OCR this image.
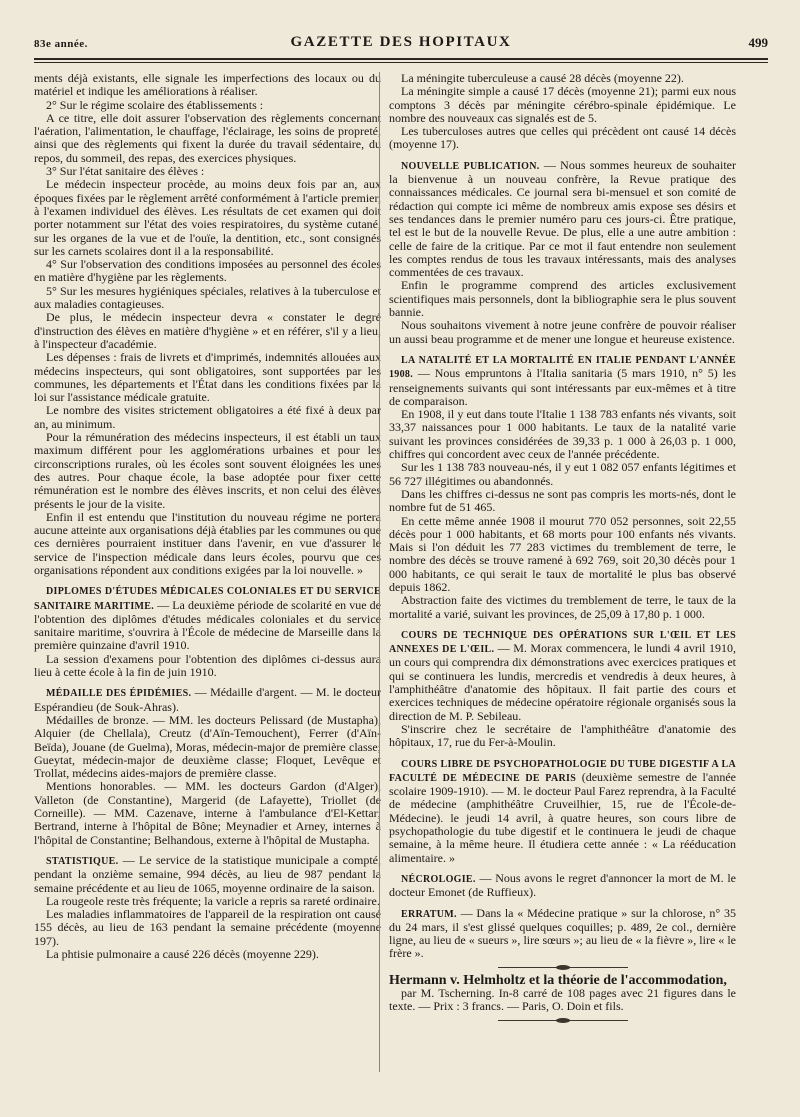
83e année.	GAZETTE DES HOPITAUX	499

ments déjà existants, elle signale les imperfections des locaux ou du matériel et indique les améliorations à réaliser.

2° Sur le régime scolaire des établissements :

A ce titre, elle doit assurer l'observation des règlements concernant l'aération, l'alimentation, le chauffage, l'éclairage, les soins de propreté, ainsi que des règlements qui fixent la durée du travail sédentaire, du repos, du sommeil, des repas, des exercices physiques.

3° Sur l'état sanitaire des élèves :

Le médecin inspecteur procède, au moins deux fois par an, aux époques fixées par le règlement arrêté conformément à l'article premier, à l'examen individuel des élèves. Les résultats de cet examen qui doit porter notamment sur l'état des voies respiratoires, du système cutané, sur les organes de la vue et de l'ouïe, la dentition, etc., sont consignés sur les carnets scolaires dont il a la responsabilité.

4° Sur l'observation des conditions imposées au personnel des écoles en matière d'hygiène par les règlements.

5° Sur les mesures hygiéniques spéciales, relatives à la tuberculose et aux maladies contagieuses.

De plus, le médecin inspecteur devra « constater le degré d'instruction des élèves en matière d'hygiène » et en référer, s'il y a lieu, à l'inspecteur d'académie.

Les dépenses : frais de livrets et d'imprimés, indemnités allouées aux médecins inspecteurs, qui sont obligatoires, sont supportées par les communes, les départements et l'État dans les conditions fixées par la loi sur l'assistance médicale gratuite.

Le nombre des visites strictement obligatoires a été fixé à deux par an, au minimum.

Pour la rémunération des médecins inspecteurs, il est établi un taux maximum différent pour les agglomérations urbaines et pour les circonscriptions rurales, où les écoles sont souvent éloignées les unes des autres. Pour chaque école, la base adoptée pour fixer cette rémunération est le nombre des élèves inscrits, et non celui des élèves présents le jour de la visite.

Enfin il est entendu que l'institution du nouveau régime ne portera aucune atteinte aux organisations déjà établies par les communes ou que ces dernières pourraient instituer dans l'avenir, en vue d'assurer le service de l'inspection médicale dans leurs écoles, pourvu que ces organisations répondent aux conditions exigées par la loi nouvelle. »

DIPLOMES D'ÉTUDES MÉDICALES COLONIALES ET DU SERVICE SANITAIRE MARITIME. — La deuxième période de scolarité en vue de l'obtention des diplômes d'études médicales coloniales et du service sanitaire maritime, s'ouvrira à l'École de médecine de Marseille dans la première quinzaine d'avril 1910.

La session d'examens pour l'obtention des diplômes ci-dessus aura lieu à cette école à la fin de juin 1910.

MÉDAILLE DES ÉPIDÉMIES. — Médaille d'argent. — M. le docteur Espérandieu (de Souk-Ahras).

Médailles de bronze. — MM. les docteurs Pelissard (de Mustapha), Alquier (de Chellala), Creutz (d'Aïn-Temouchent), Ferrer (d'Aïn-Beïda), Jouane (de Guelma), Moras, médecin-major de première classe; Gueytat, médecin-major de deuxième classe; Floquet, Levêque et Trollat, médecins aides-majors de première classe.

Mentions honorables. — MM. les docteurs Gardon (d'Alger), Valleton (de Constantine), Margerid (de Lafayette), Triollet (de Corneille). — MM. Cazenave, interne à l'ambulance d'El-Kettar; Bertrand, interne à l'hôpital de Bône; Meynadier et Arney, internes à l'hôpital de Constantine; Belhandous, externe à l'hôpital de Mustapha.

STATISTIQUE. — Le service de la statistique municipale a compté, pendant la onzième semaine, 994 décès, au lieu de 987 pendant la semaine précédente et au lieu de 1065, moyenne ordinaire de la saison.

La rougeole reste très fréquente; la varicle a repris sa rareté ordinaire.

Les maladies inflammatoires de l'appareil de la respiration ont causé 155 décès, au lieu de 163 pendant la semaine précédente (moyenne 197).

La phtisie pulmonaire a causé 226 décès (moyenne 229).

La méningite tuberculeuse a causé 28 décès (moyenne 22).

La méningite simple a causé 17 décès (moyenne 21); parmi eux nous comptons 3 décès par méningite cérébro-spinale épidémique. Le nombre des nouveaux cas signalés est de 5.

Les tuberculoses autres que celles qui précèdent ont causé 14 décès (moyenne 17).

NOUVELLE PUBLICATION. — Nous sommes heureux de souhaiter la bienvenue à un nouveau confrère, la Revue pratique des connaissances médicales. Ce journal sera bi-mensuel et son comité de rédaction qui compte ici même de nombreux amis expose ses désirs et ses tendances dans le premier numéro paru ces jours-ci. Être pratique, tel est le but de la nouvelle Revue. De plus, elle a une autre ambition : celle de faire de la critique. Par ce mot il faut entendre non seulement les comptes rendus de tous les travaux intéressants, mais des analyses commentées de ces travaux.

Enfin le programme comprend des articles exclusivement scientifiques mais personnels, dont la bibliographie sera le plus souvent bannie.

Nous souhaitons vivement à notre jeune confrère de pouvoir réaliser un aussi beau programme et de mener une longue et heureuse existence.

LA NATALITÉ ET LA MORTALITÉ EN ITALIE PENDANT L'ANNÉE 1908. — Nous empruntons à l'Italia sanitaria (5 mars 1910, n° 5) les renseignements suivants qui sont intéressants par eux-mêmes et à titre de comparaison.

En 1908, il y eut dans toute l'Italie 1 138 783 enfants nés vivants, soit 33,37 naissances pour 1 000 habitants. Le taux de la natalité varie suivant les provinces considérées de 39,33 p. 1 000 à 26,03 p. 1 000, chiffres qui concordent avec ceux de l'année précédente.

Sur les 1 138 783 nouveau-nés, il y eut 1 082 057 enfants légitimes et 56 727 illégitimes ou abandonnés.

Dans les chiffres ci-dessus ne sont pas compris les morts-nés, dont le nombre fut de 51 465.

En cette même année 1908 il mourut 770 052 personnes, soit 22,55 décès pour 1 000 habitants, et 68 morts pour 100 enfants nés vivants. Mais si l'on déduit les 77 283 victimes du tremblement de terre, le nombre des décès se trouve ramené à 692 769, soit 20,30 décès pour 1 000 habitants, ce qui serait le taux de mortalité le plus bas observé depuis 1862.

Abstraction faite des victimes du tremblement de terre, le taux de la mortalité a varié, suivant les provinces, de 25,09 à 17,80 p. 1 000.

COURS DE TECHNIQUE DES OPÉRATIONS SUR L'ŒIL ET LES ANNEXES DE L'ŒIL. — M. Morax commencera, le lundi 4 avril 1910, un cours qui comprendra dix démonstrations avec exercices pratiques et qui se continuera les lundis, mercredis et vendredis à deux heures, à l'amphithéâtre d'anatomie des hôpitaux. Il fait partie des cours et exercices techniques de médecine opératoire régionale organisés sous la direction de M. P. Sebileau.

S'inscrire chez le secrétaire de l'amphithéâtre d'anatomie des hôpitaux, 17, rue du Fer-à-Moulin.

COURS LIBRE DE PSYCHOPATHOLOGIE DU TUBE DIGESTIF A LA FACULTÉ DE MÉDECINE DE PARIS (deuxième semestre de l'année scolaire 1909-1910). — M. le docteur Paul Farez reprendra, à la Faculté de médecine (amphithéâtre Cruveilhier, 15, rue de l'École-de-Médecine). le jeudi 14 avril, à quatre heures, son cours libre de psychopathologie du tube digestif et le continuera le jeudi de chaque semaine, à la même heure. Il étudiera cette année : « La rééducation alimentaire. »

NÉCROLOGIE. — Nous avons le regret d'annoncer la mort de M. le docteur Emonet (de Ruffieux).

ERRATUM. — Dans la « Médecine pratique » sur la chlorose, n° 35 du 24 mars, il s'est glissé quelques coquilles; p. 489, 2e col., dernière ligne, au lieu de « sueurs », lire sœurs »; au lieu de « la fièvre », lire « le frère ».

Hermann v. Helmholtz et la théorie de l'accommodation,

par M. Tscherning. In-8 carré de 108 pages avec 21 figures dans le texte. — Prix : 3 francs. — Paris, O. Doin et fils.
